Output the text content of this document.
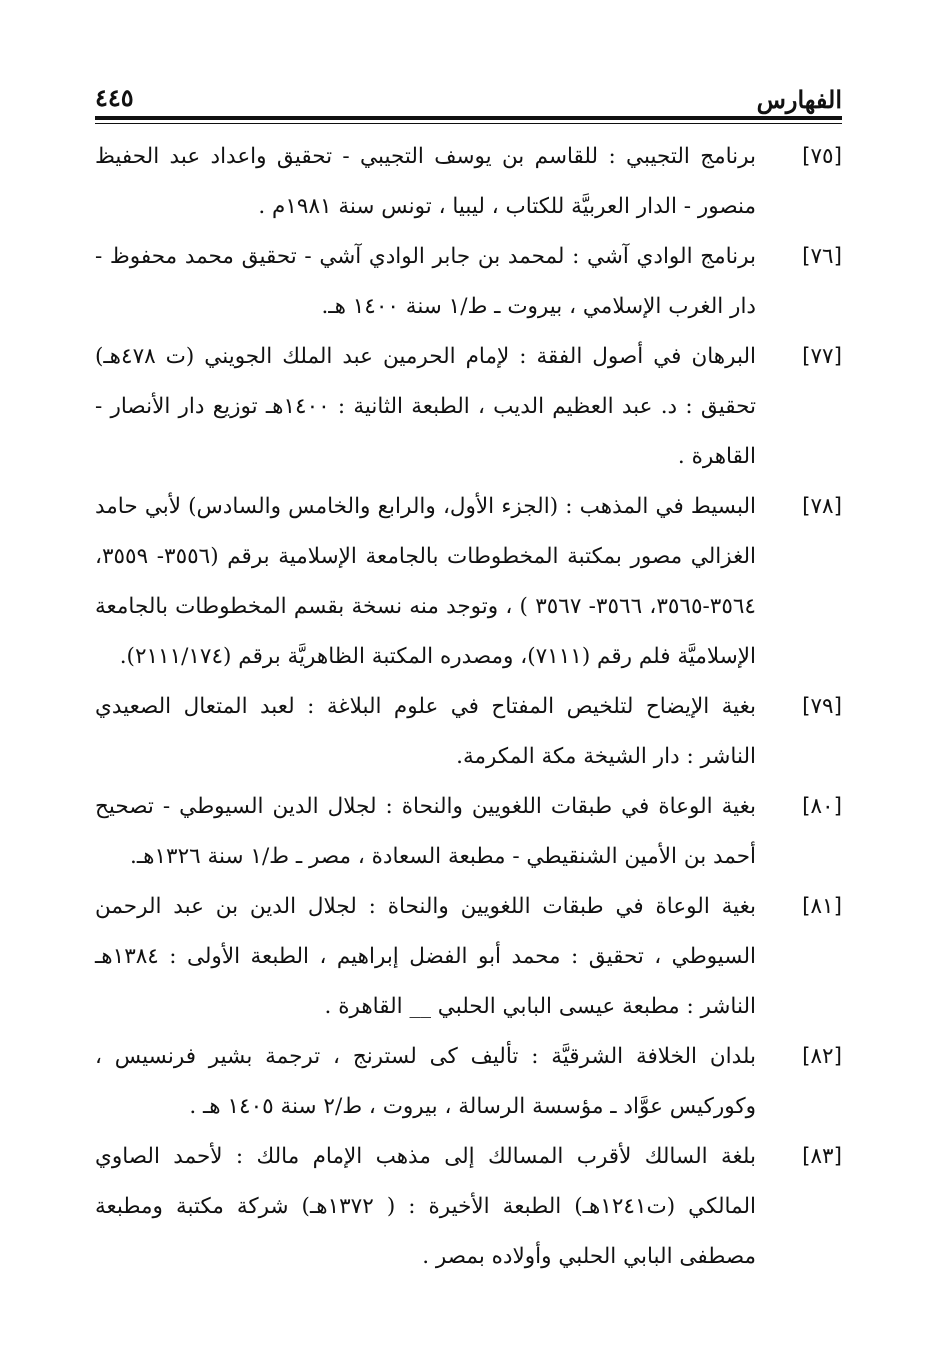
الفهارس
٤٤٥

[٧٥]برنامج التجيبي : للقاسم بن يوسف التجيبي - تحقيق واعداد عبد الحفيظ منصور - الدار العربيَّة للكتاب ، ليبيا ، تونس سنة ١٩٨١م .

[٧٦]برنامج الوادي آشي : لمحمد بن جابر الوادي آشي - تحقيق محمد محفوظ - دار الغرب الإسلامي ، بيروت ـ ط/١ سنة ١٤٠٠ هـ.

[٧٧]البرهان في أصول الفقة : لإمام الحرمين عبد الملك الجويني (ت ٤٧٨هـ) تحقيق : د. عبد العظيم الديب ، الطبعة الثانية : ١٤٠٠هـ توزيع دار الأنصار - القاهرة .

[٧٨]البسيط في المذهب : (الجزء الأول، والرابع والخامس والسادس) لأبي حامد الغزالي مصور بمكتبة المخطوطات بالجامعة الإسلامية برقم (٣٥٥٦- ٣٥٥٩، ٣٥٦٤-٣٥٦٥، ٣٥٦٦- ٣٥٦٧ ) ، وتوجد منه نسخة بقسم المخطوطات بالجامعة الإسلاميَّة فلم رقم (٧١١١)، ومصدره المكتبة الظاهريَّة برقم (٢١١١/١٧٤).

[٧٩]بغية الإيضاح لتلخيص المفتاح في علوم البلاغة : لعبد المتعال الصعيدي الناشر : دار الشيخة مكة المكرمة.

[٨٠]بغية الوعاة في طبقات اللغويين والنحاة : لجلال الدين السيوطي - تصحيح أحمد بن الأمين الشنقيطي - مطبعة السعادة ، مصر ـ ط/١ سنة ١٣٢٦هـ.

[٨١]بغية الوعاة في طبقات اللغويين والنحاة : لجلال الدين بن عبد الرحمن السيوطي ، تحقيق : محمد أبو الفضل إبراهيم ، الطبعة الأولى : ١٣٨٤هـ الناشر : مطبعة عيسى البابي الحلبي __ القاهرة .

[٨٢]بلدان الخلافة الشرقيَّة : تأليف كى لسترنج ، ترجمة بشير فرنسيس ، وكوركيس عوَّاد ـ مؤسسة الرسالة ، بيروت ، ط/٢ سنة ١٤٠٥ هـ .

[٨٣]بلغة السالك لأقرب المسالك إلى مذهب الإمام مالك : لأحمد الصاوي المالكي (ت١٢٤١هـ) الطبعة الأخيرة : ( ١٣٧٢هـ) شركة مكتبة ومطبعة مصطفى البابي الحلبي وأولاده بمصر .
